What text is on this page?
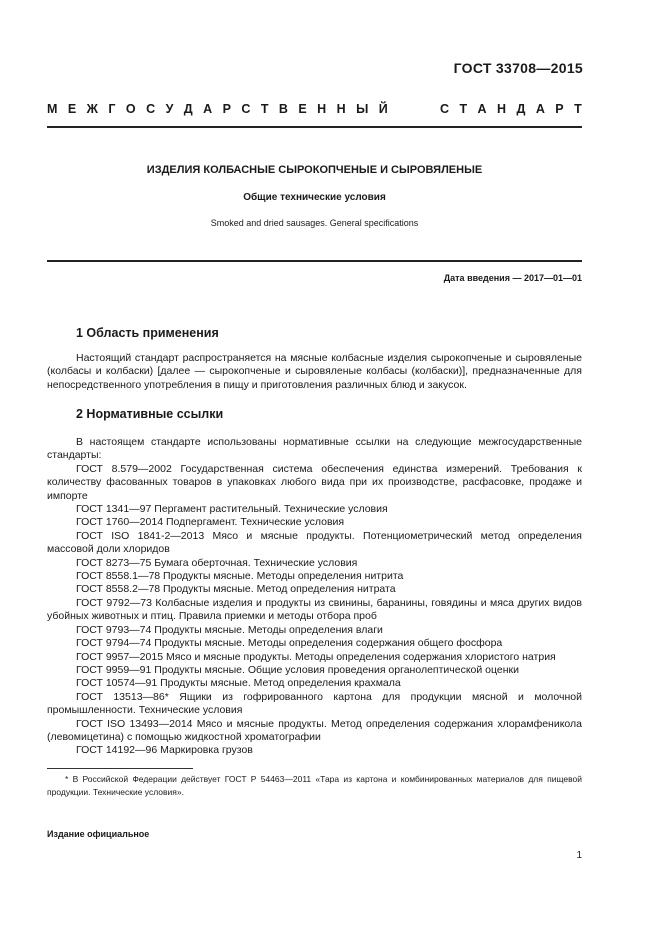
ГОСТ 33708—2015
М Е Ж Г О С У Д А Р С Т В Е Н Н Ы Й

	С Т А Н Д А Р Т
ИЗДЕЛИЯ КОЛБАСНЫЕ СЫРОКОПЧЕНЫЕ И СЫРОВЯЛЕНЫЕ
Общие технические условия
Smoked and dried sausages. General specifications
Дата введения — 2017—01—01
1 Область применения

Настоящий стандарт распространяется на мясные колбасные изделия сырокопченые и сыровяленые (колбасы и колбаски) [далее — сырокопченые и сыровяленые колбасы (колбаски)], предназначенные для непосредственного употребления в пищу и приготовления различных блюд и закусок.

2 Нормативные ссылки

В настоящем стандарте использованы нормативные ссылки на следующие межгосударственные стандарты:

ГОСТ 8.579—2002 Государственная система обеспечения единства измерений. Требования к количеству фасованных товаров в упаковках любого вида при их производстве, расфасовке, продаже и импорте

ГОСТ 1341—97 Пергамент растительный. Технические условия

ГОСТ 1760—2014 Подпергамент. Технические условия

ГОСТ ISO 1841-2—2013 Мясо и мясные продукты. Потенциометрический метод определения массовой доли хлоридов

ГОСТ 8273—75 Бумага оберточная. Технические условия

ГОСТ 8558.1—78 Продукты мясные. Методы определения нитрита

ГОСТ 8558.2—78 Продукты мясные. Метод определения нитрата

ГОСТ 9792—73 Колбасные изделия и продукты из свинины, баранины, говядины и мяса других видов убойных животных и птиц. Правила приемки и методы отбора проб

ГОСТ 9793—74 Продукты мясные. Методы определения влаги

ГОСТ 9794—74 Продукты мясные. Методы определения содержания общего фосфора

ГОСТ 9957—2015 Мясо и мясные продукты. Методы определения содержания хлористого натрия

ГОСТ 9959—91 Продукты мясные. Общие условия проведения органолептической оценки

ГОСТ 10574—91 Продукты мясные. Метод определения крахмала

ГОСТ 13513—86* Ящики из гофрированного картона для продукции мясной и молочной промышленности. Технические условия

ГОСТ ISO 13493—2014 Мясо и мясные продукты. Метод определения содержания хлорамфеникола (левомицетина) с помощью жидкостной хроматографии

ГОСТ 14192—96 Маркировка грузов

* В Российской Федерации действует ГОСТ Р 54463—2011 «Тара из картона и комбинированных материалов для пищевой продукции. Технические условия».

Издание официальное
1
